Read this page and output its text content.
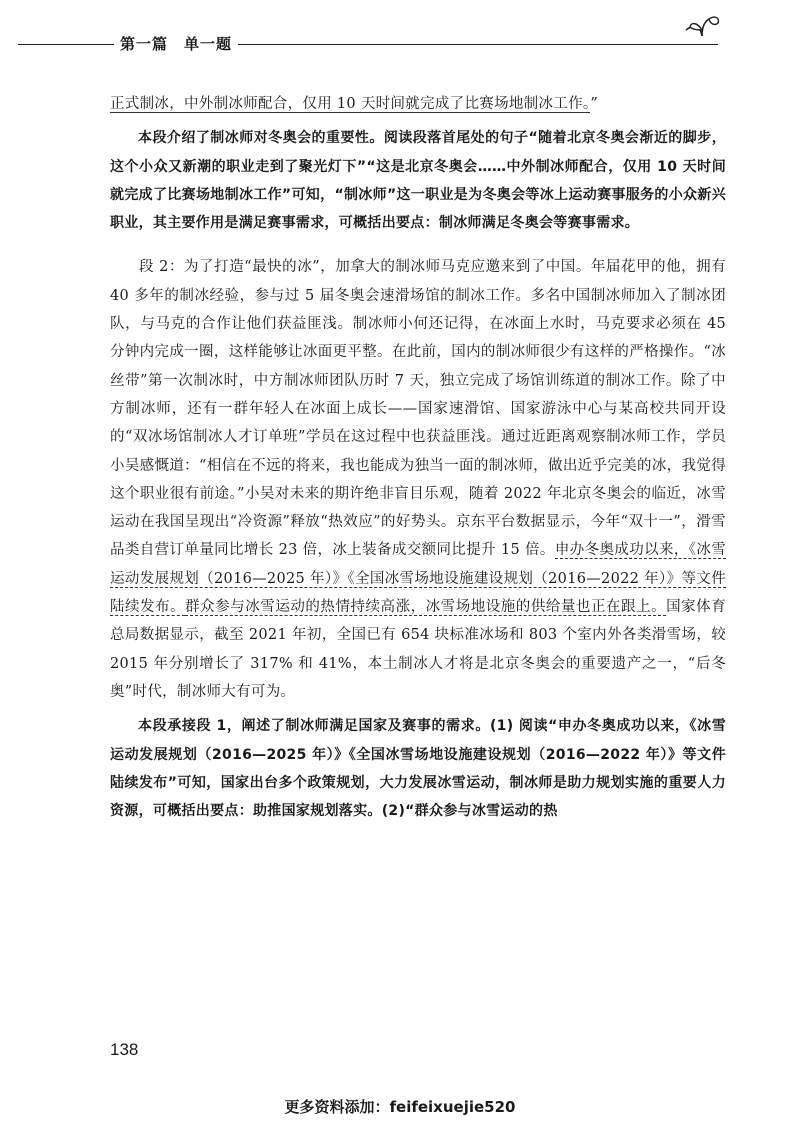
第一篇　单一题

正式制冰，中外制冰师配合，仅用 10 天时间就完成了比赛场地制冰工作。”

本段介绍了制冰师对冬奥会的重要性。阅读段落首尾处的句子“随着北京冬奥会渐近的脚步，这个小众又新潮的职业走到了聚光灯下”“这是北京冬奥会……中外制冰师配合，仅用 10 天时间就完成了比赛场地制冰工作”可知，“制冰师”这一职业是为冬奥会等冰上运动赛事服务的小众新兴职业，其主要作用是满足赛事需求，可概括出要点：制冰师满足冬奥会等赛事需求。

段 2：为了打造“最快的冰”，加拿大的制冰师马克应邀来到了中国。年届花甲的他，拥有 40 多年的制冰经验，参与过 5 届冬奥会速滑场馆的制冰工作。多名中国制冰师加入了制冰团队，与马克的合作让他们获益匪浅。制冰师小何还记得，在冰面上水时，马克要求必须在 45 分钟内完成一圈，这样能够让冰面更平整。在此前，国内的制冰师很少有这样的严格操作。“冰丝带”第一次制冰时，中方制冰师团队历时 7 天，独立完成了场馆训练道的制冰工作。除了中方制冰师，还有一群年轻人在冰面上成长——国家速滑馆、国家游泳中心与某高校共同开设的“双冰场馆制冰人才订单班”学员在这过程中也获益匪浅。通过近距离观察制冰师工作，学员小吴感慨道：“相信在不远的将来，我也能成为独当一面的制冰师，做出近乎完美的冰，我觉得这个职业很有前途。”小吴对未来的期许绝非盲目乐观，随着 2022 年北京冬奥会的临近，冰雪运动在我国呈现出“冷资源”释放“热效应”的好势头。京东平台数据显示，今年“双十一”，滑雪品类自营订单量同比增长 23 倍，冰上装备成交额同比提升 15 倍。申办冬奥成功以来，《冰雪运动发展规划（2016—2025 年）》《全国冰雪场地设施建设规划（2016—2022 年）》等文件陆续发布。群众参与冰雪运动的热情持续高涨，冰雪场地设施的供给量也正在跟上。国家体育总局数据显示，截至 2021 年初，全国已有 654 块标准冰场和 803 个室内外各类滑雪场，较 2015 年分别增长了 317% 和 41%，本土制冰人才将是北京冬奥会的重要遗产之一，“后冬奥”时代，制冰师大有可为。

本段承接段 1，阐述了制冰师满足国家及赛事的需求。(1) 阅读“申办冬奥成功以来，《冰雪运动发展规划（2016—2025 年）》《全国冰雪场地设施建设规划（2016—2022 年）》等文件陆续发布”可知，国家出台多个政策规划，大力发展冰雪运动，制冰师是助力规划实施的重要人力资源，可概括出要点：助推国家规划落实。(2)“群众参与冰雪运动的热

138
更多资料添加：feifeixuejie520
